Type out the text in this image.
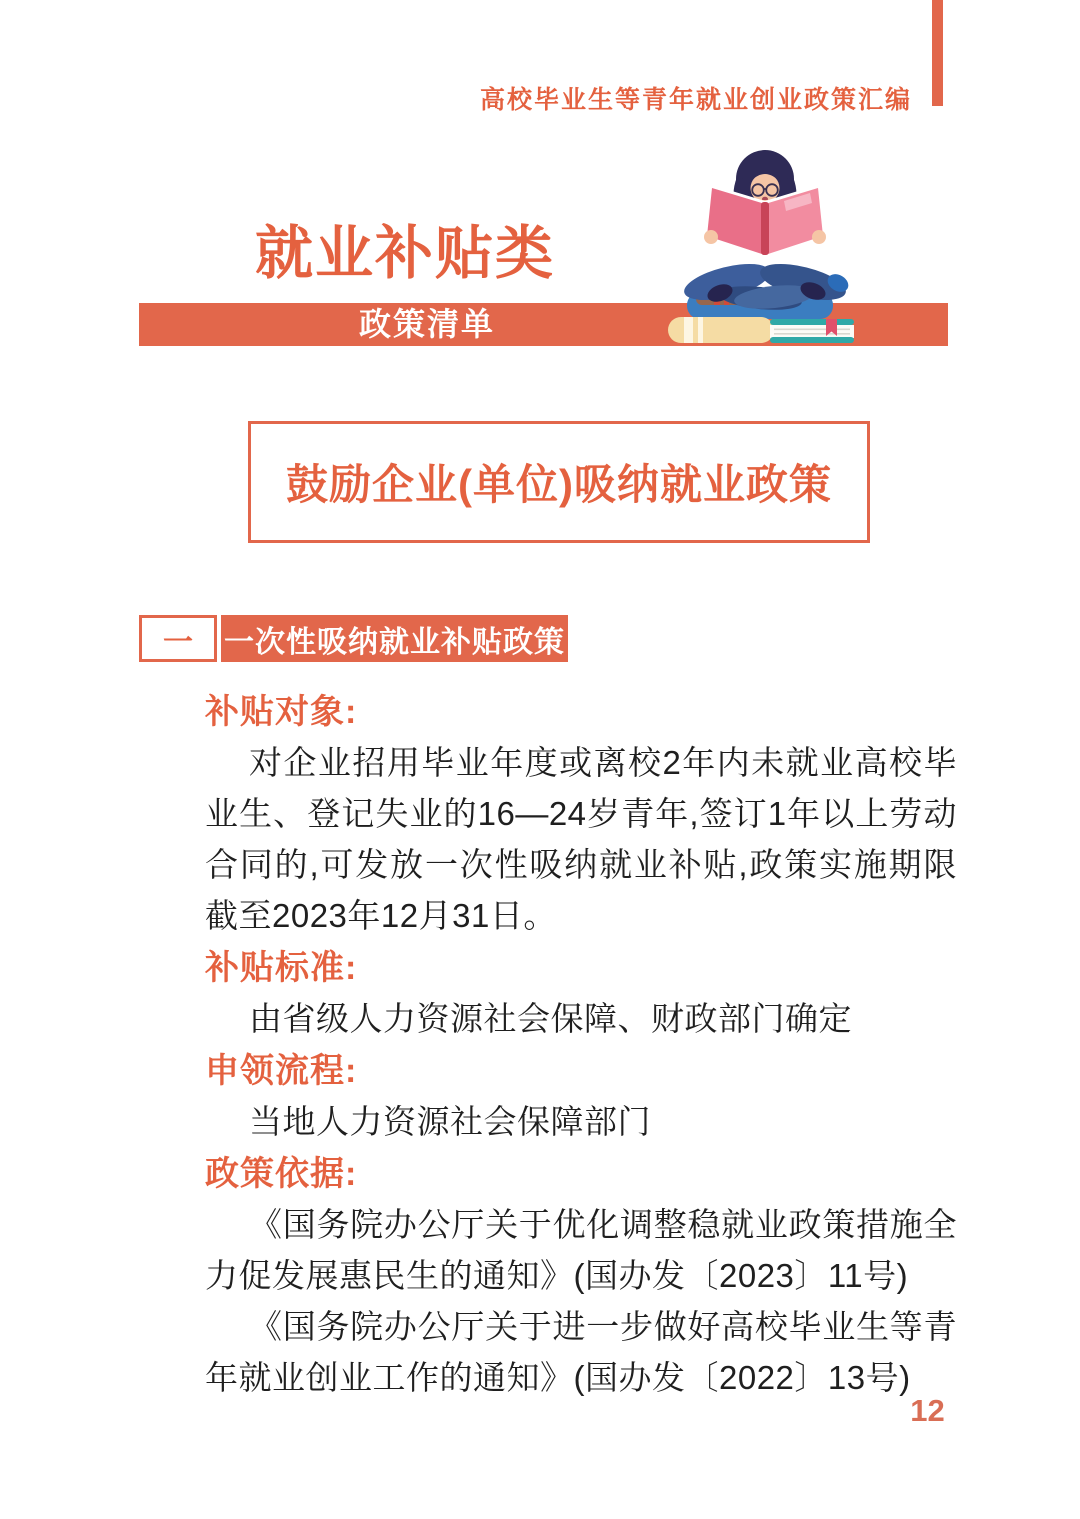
高校毕业生等青年就业创业政策汇编
就业补贴类
政策清单
鼓励企业(单位)吸纳就业政策
一 一次性吸纳就业补贴政策
补贴对象:

对企业招用毕业年度或离校2年内未就业高校毕业生、登记失业的16—24岁青年,签订1年以上劳动合同的,可发放一次性吸纳就业补贴,政策实施期限截至2023年12月31日。

补贴标准:

由省级人力资源社会保障、财政部门确定

申领流程:

当地人力资源社会保障部门

政策依据:

《国务院办公厅关于优化调整稳就业政策措施全力促发展惠民生的通知》(国办发〔2023〕11号)

《国务院办公厅关于进一步做好高校毕业生等青年就业创业工作的通知》(国办发〔2022〕13号)

12
